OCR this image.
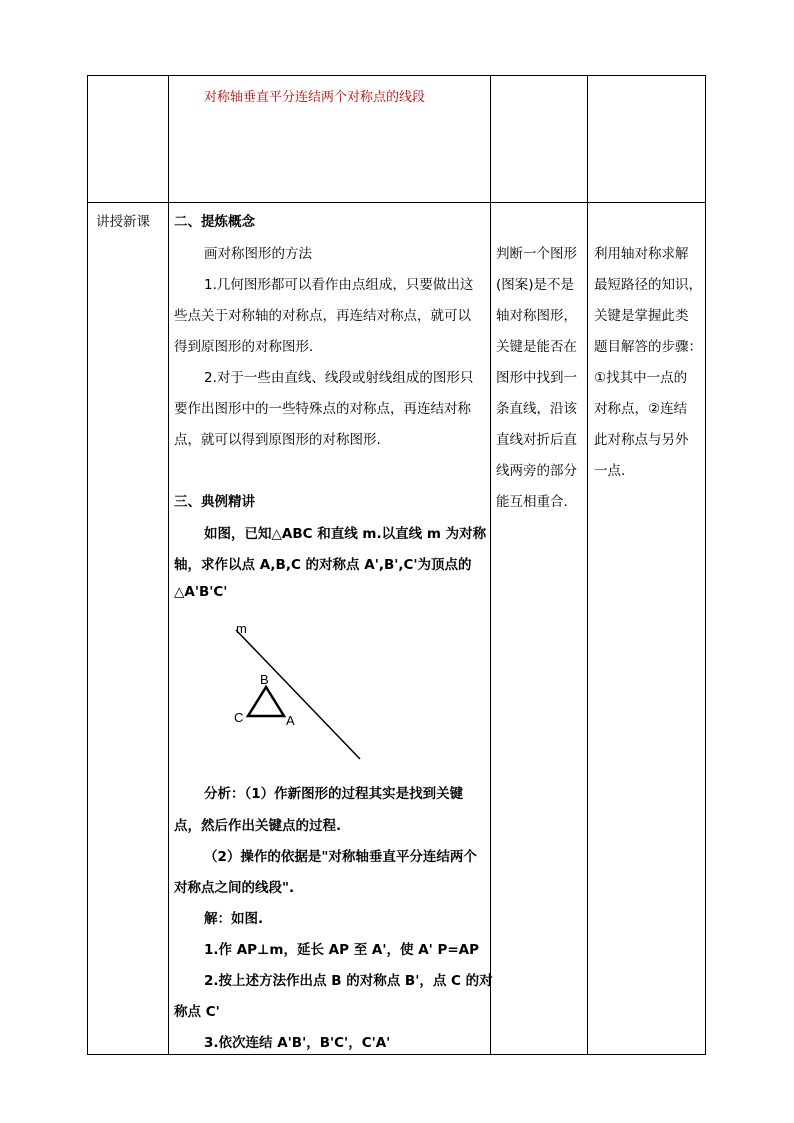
对称轴垂直平分连结两个对称点的线段
讲授新课 二、提炼概念
画对称图形的方法
1.几何图形都可以看作由点组成，只要做出这
些点关于对称轴的对称点，再连结对称点，就可以
得到原图形的对称图形.
2.对于一些由直线、线段或射线组成的图形只
要作出图形中的一些特殊点的对称点，再连结对称
点，就可以得到原图形的对称图形.
三、典例精讲
如图，已知△ABC 和直线 m.以直线 m 为对称
轴，求作以点 A,B,C 的对称点 A',B',C'为顶点的
△A'B'C'
m
B
C	A
分析：（1）作新图形的过程其实是找到关键
点，然后作出关键点的过程.
（2）操作的依据是"对称轴垂直平分连结两个
对称点之间的线段".
解：如图.
1.作 AP⊥m，延长 AP 至 A'，使 A' P=AP
2.按上述方法作出点 B 的对称点 B'，点 C 的对
称点 C'
3.依次连结 A'B'，B'C'，C'A'
判断一个图形
(图案)是不是
轴对称图形，
关键是能否在
图形中找到一
条直线，沿该
直线对折后直
线两旁的部分
能互相重合.
利用轴对称求解
最短路径的知识，
关键是掌握此类
题目解答的步骤：
①找其中一点的
对称点，②连结
此对称点与另外
一点.
